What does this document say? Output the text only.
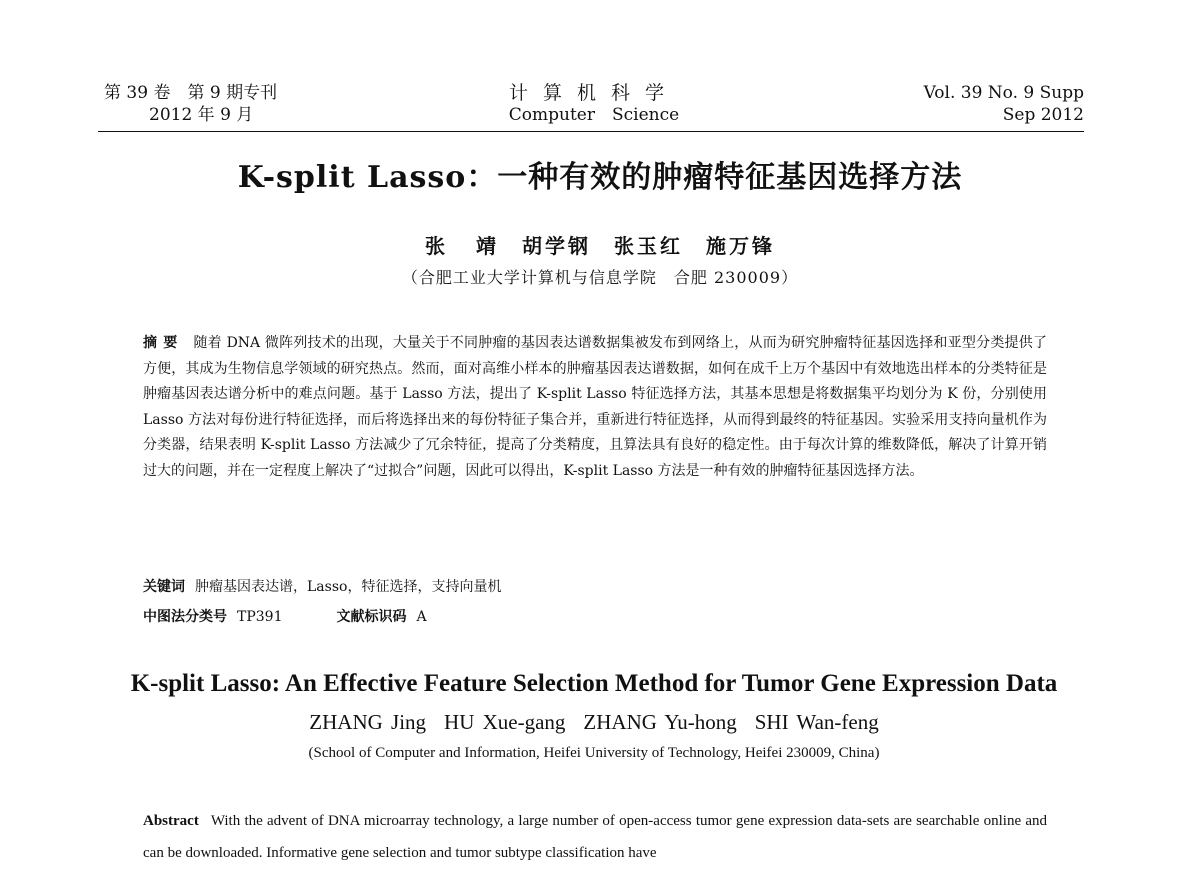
第 39 卷　第 9 期专刊
2012 年 9 月
计算机科学
Computer　Science
Vol. 39 No. 9 Supp
Sep 2012
K-split Lasso：一种有效的肿瘤特征基因选择方法
张 靖　胡学钢　张玉红　施万锋
（合肥工业大学计算机与信息学院　合肥 230009）
摘要 随着 DNA 微阵列技术的出现，大量关于不同肿瘤的基因表达谱数据集被发布到网络上，从而为研究肿瘤特征基因选择和亚型分类提供了方便，其成为生物信息学领域的研究热点。然而，面对高维小样本的肿瘤基因表达谱数据，如何在成千上万个基因中有效地选出样本的分类特征是肿瘤基因表达谱分析中的难点问题。基于 Lasso 方法，提出了 K-split Lasso 特征选择方法，其基本思想是将数据集平均划分为 K 份，分别使用 Lasso 方法对每份进行特征选择，而后将选择出来的每份特征子集合并，重新进行特征选择，从而得到最终的特征基因。实验采用支持向量机作为分类器，结果表明 K-split Lasso 方法减少了冗余特征，提高了分类精度，且算法具有良好的稳定性。由于每次计算的维数降低，解决了计算开销过大的问题，并在一定程度上解决了“过拟合”问题，因此可以得出，K-split Lasso 方法是一种有效的肿瘤特征基因选择方法。
关键词 肿瘤基因表达谱，Lasso，特征选择，支持向量机
中图法分类号 TP391	文献标识码 A
K-split Lasso: An Effective Feature Selection Method for Tumor Gene Expression Data
ZHANG Jing HU Xue-gang ZHANG Yu-hong SHI Wan-feng
(School of Computer and Information, Heifei University of Technology, Heifei 230009, China)
Abstract With the advent of DNA microarray technology, a large number of open-access tumor gene expression data-sets are searchable online and can be downloaded. Informative gene selection and tumor subtype classification have
